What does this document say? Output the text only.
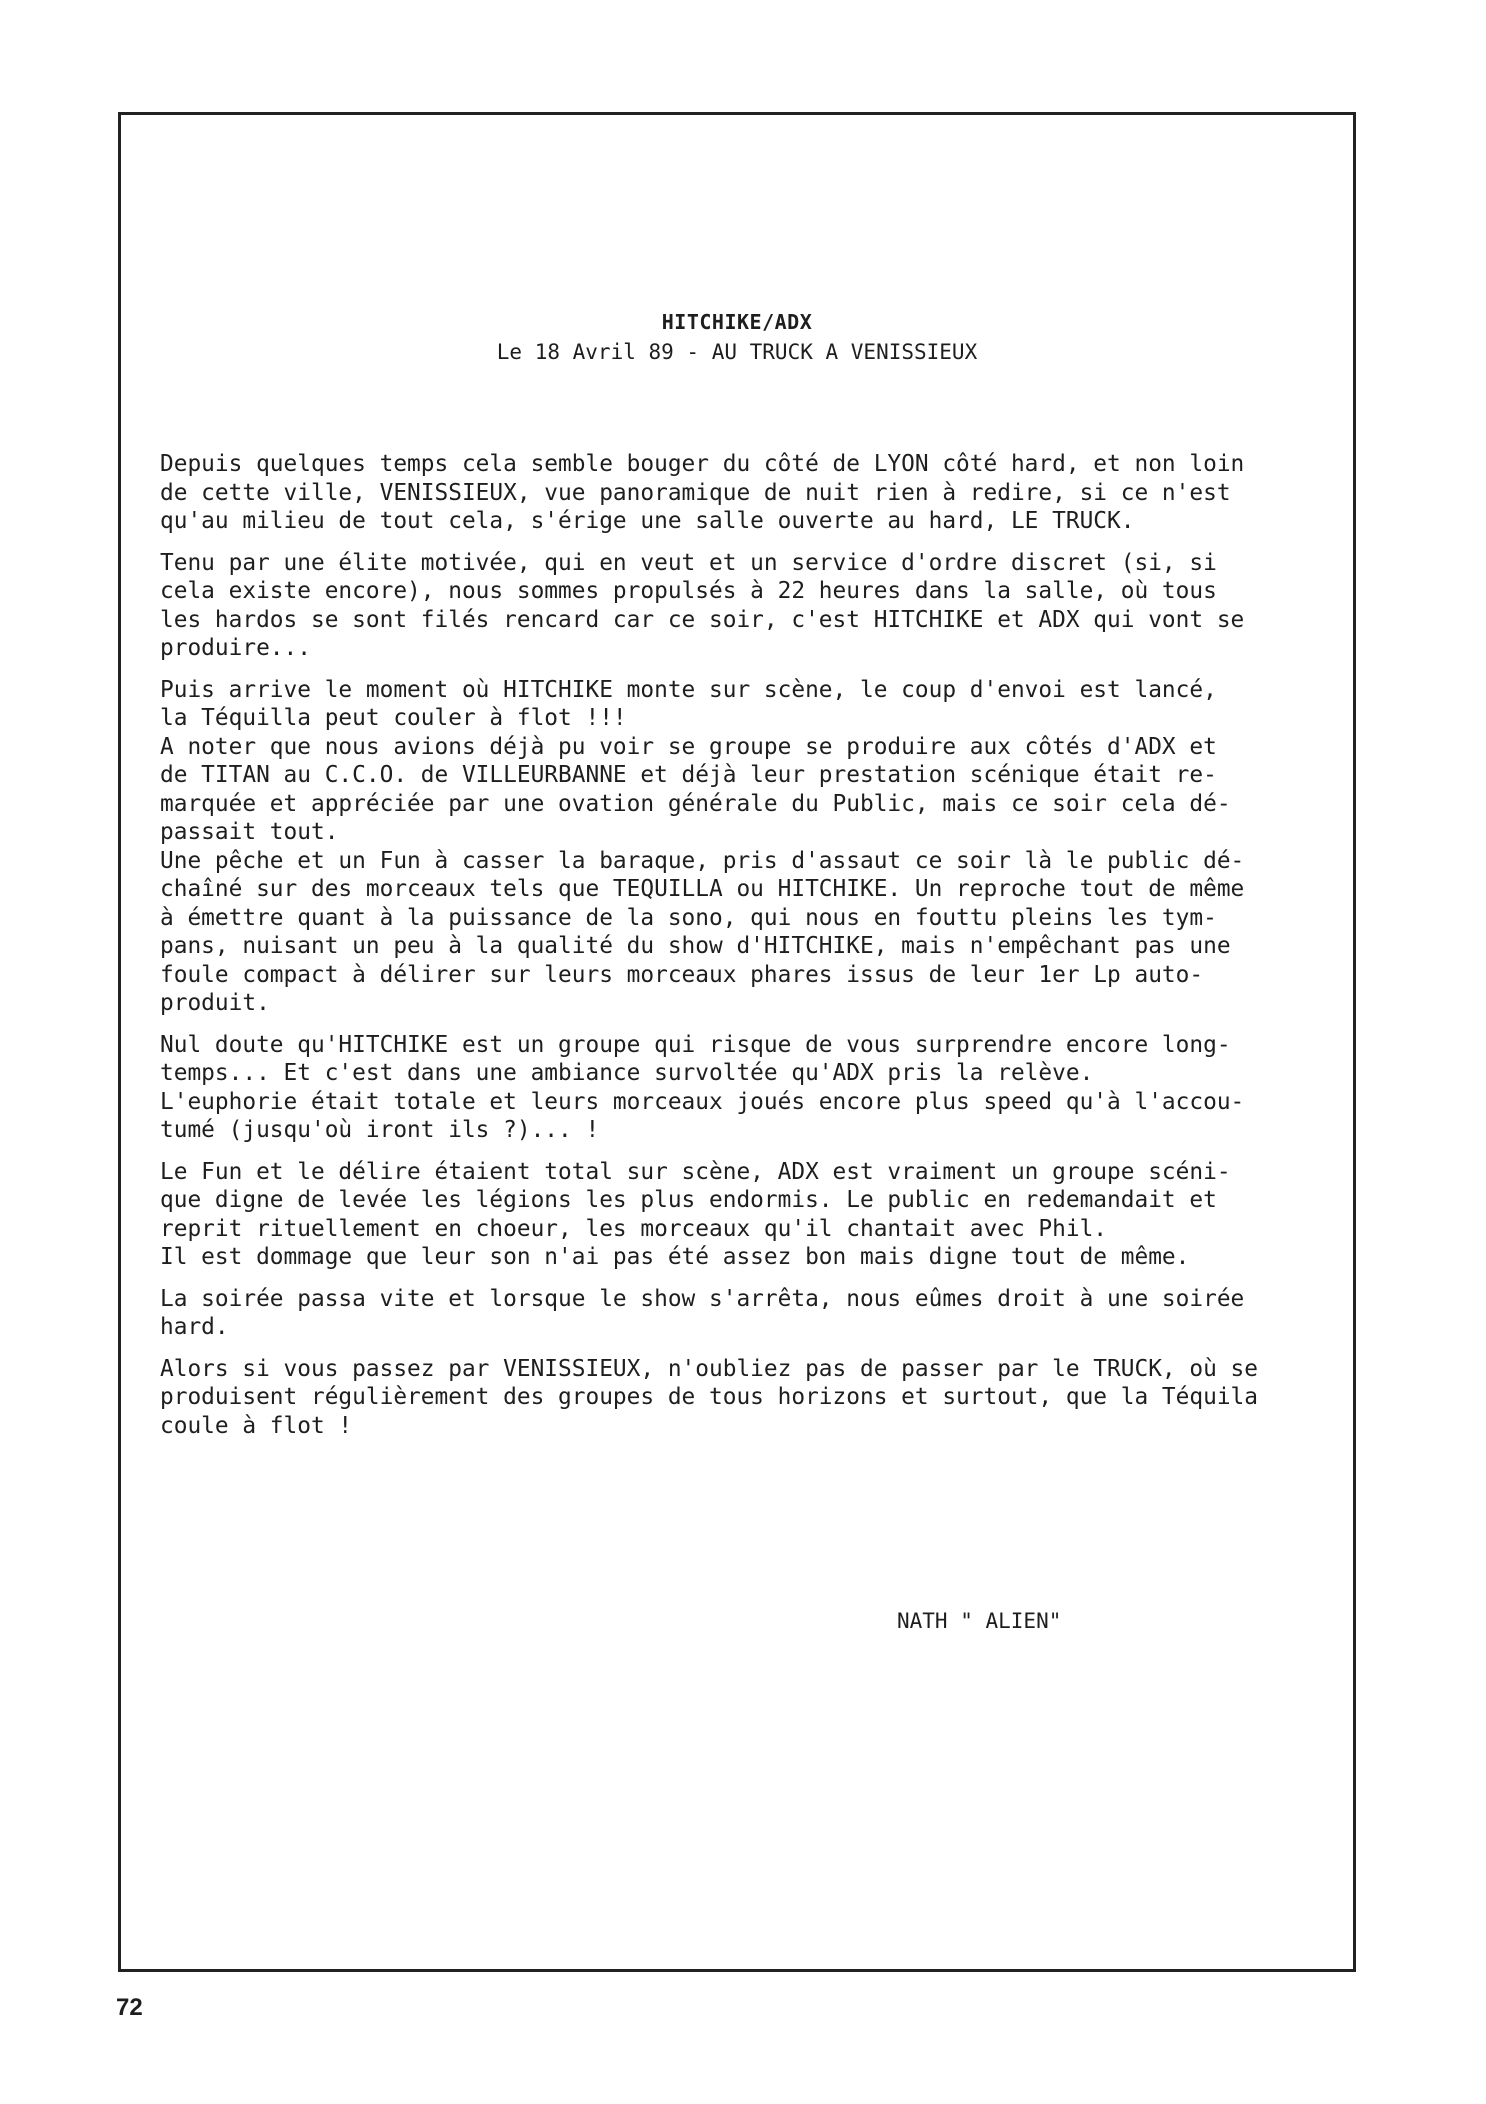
HITCHIKE/ADX

Le 18 Avril 89 - AU TRUCK A VENISSIEUX

Depuis quelques temps cela semble bouger du côté de LYON côté hard, et non loin
de cette ville, VENISSIEUX, vue panoramique de nuit rien à redire, si ce n'est
qu'au milieu de tout cela, s'érige une salle ouverte au hard, LE TRUCK.
Tenu par une élite motivée, qui en veut et un service d'ordre discret (si, si
cela existe encore), nous sommes propulsés à 22 heures dans la salle, où tous
les hardos se sont filés rencard car ce soir, c'est HITCHIKE et ADX qui vont se
produire...
Puis arrive le moment où HITCHIKE monte sur scène, le coup d'envoi est lancé,
la Téquilla peut couler à flot !!!
A noter que nous avions déjà pu voir se groupe se produire aux côtés d'ADX et
de TITAN au C.C.O. de VILLEURBANNE et déjà leur prestation scénique était re-
marquée et appréciée par une ovation générale du Public, mais ce soir cela dé-
passait tout.
Une pêche et un Fun à casser la baraque, pris d'assaut ce soir là le public dé-
chaîné sur des morceaux tels que TEQUILLA ou HITCHIKE. Un reproche tout de même
à émettre quant à la puissance de la sono, qui nous en fouttu pleins les tym-
pans, nuisant un peu à la qualité du show d'HITCHIKE, mais n'empêchant pas une
foule compact à délirer sur leurs morceaux phares issus de leur 1er Lp auto-
produit.
Nul doute qu'HITCHIKE est un groupe qui risque de vous surprendre encore long-
temps... Et c'est dans une ambiance survoltée qu'ADX pris la relève.
L'euphorie était totale et leurs morceaux joués encore plus speed qu'à l'accou-
tumé (jusqu'où iront ils ?)... !
Le Fun et le délire étaient total sur scène, ADX est vraiment un groupe scéni-
que digne de levée les légions les plus endormis. Le public en redemandait et
reprit rituellement en choeur, les morceaux qu'il chantait avec Phil.
Il est dommage que leur son n'ai pas été assez bon mais digne tout de même.
La soirée passa vite et lorsque le show s'arrêta, nous eûmes droit à une soirée
hard.
Alors si vous passez par VENISSIEUX, n'oubliez pas de passer par le TRUCK, où se
produisent régulièrement des groupes de tous horizons et surtout, que la Téquila
coule à flot !
NATH " ALIEN"
72
